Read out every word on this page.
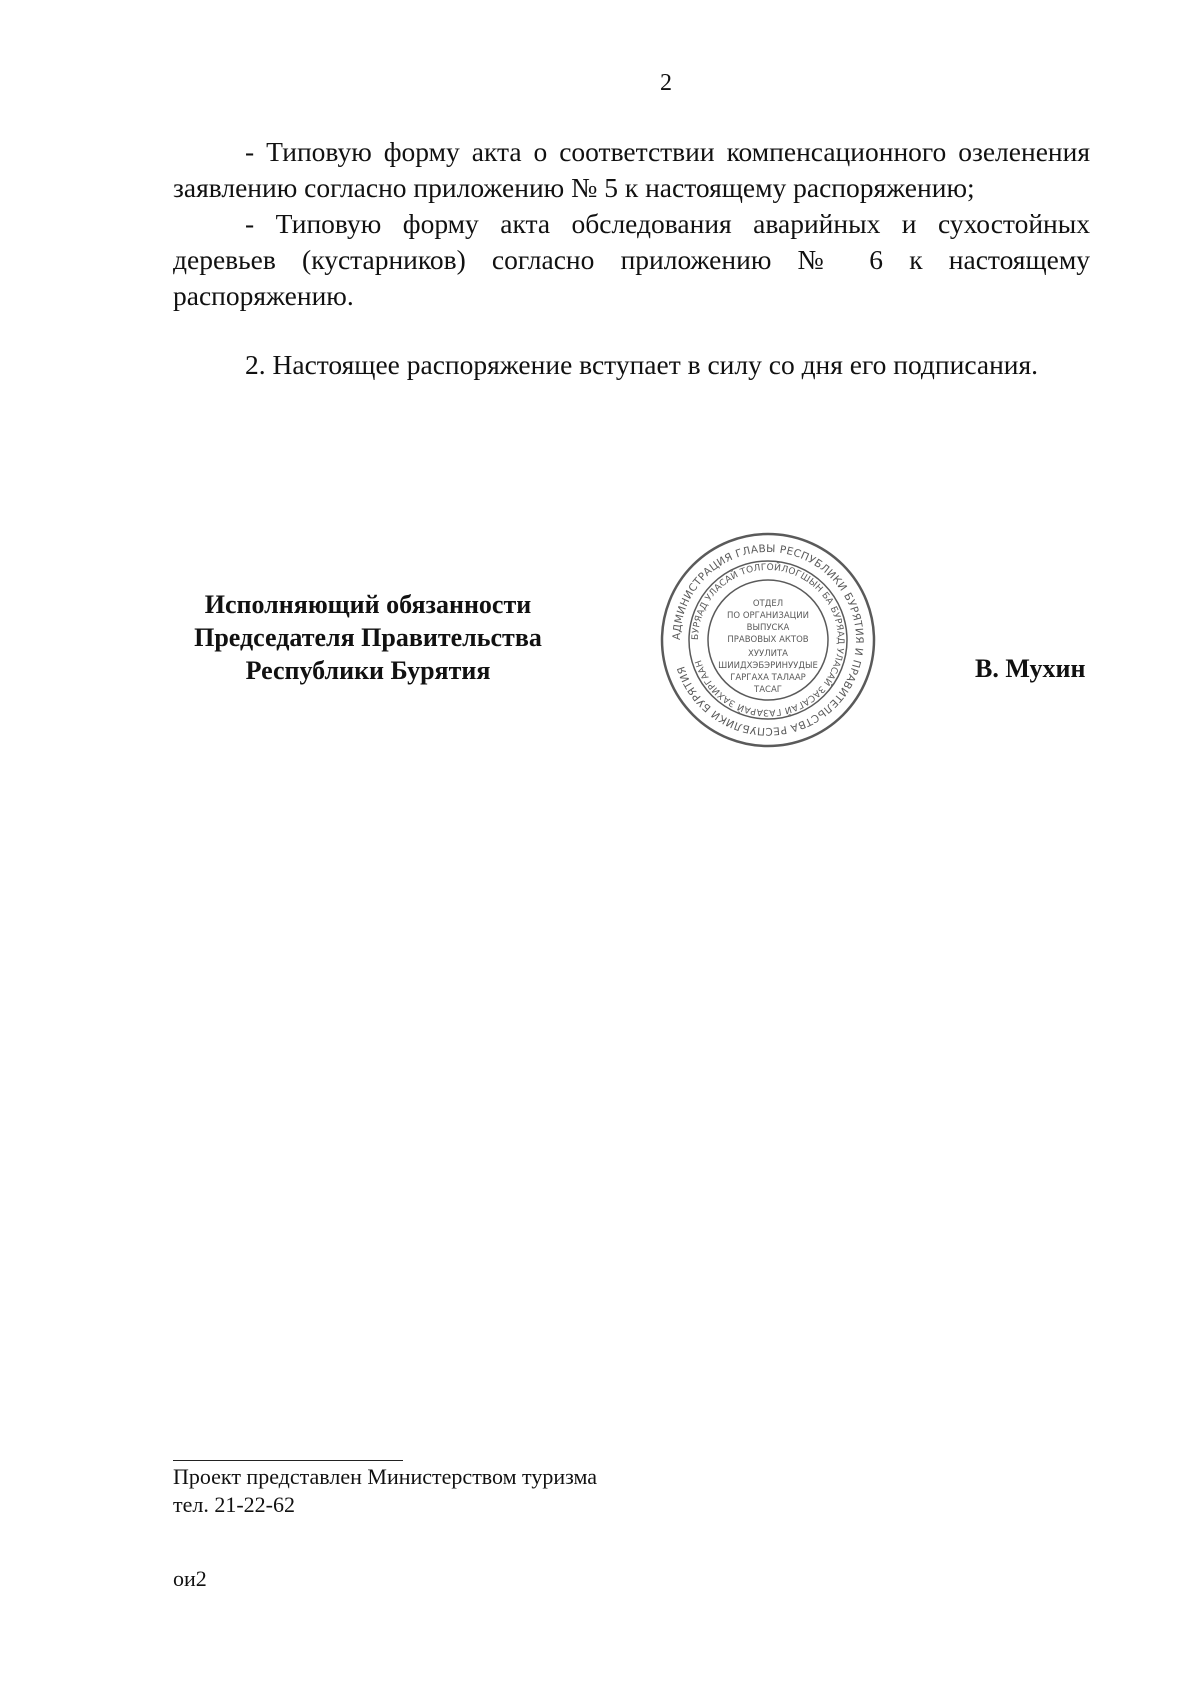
2

- Типовую форму акта о соответствии компенсационного озеленения заявлению согласно приложению № 5 к настоящему распоряжению;

- Типовую форму акта обследования аварийных и сухостойных деревьев (кустарников) согласно приложению № 6 к настоящему распоряжению.

2. Настоящее распоряжение вступает в силу со дня его подписания.

Исполняющий обязанности
Председателя Правительства
Республики Бурятия
АДМИНИСТРАЦИЯ ГЛАВЫ РЕСПУБЛИКИ БУРЯТИЯ И ПРАВИТЕЛЬСТВА РЕСПУБЛИКИ БУРЯТИЯ
БУРЯАД УЛАСАЙ ТОЛГОЙЛОГШЫН БА БУРЯАД УЛАСАЙ ЗАСАГАЙ ГАЗАРАЙ ЗАХИРГААН
ОТДЕЛ
ПО ОРГАНИЗАЦИИ
ВЫПУСКА
ПРАВОВЫХ АКТОВ
ХУУЛИТА
ШИИДХЭБЭРИНУУДЫЕ
ГАРГАХА ТАЛААР
ТАСАГ
В. Мухин
Проект представлен Министерством туризма
тел. 21-22-62
ои2
